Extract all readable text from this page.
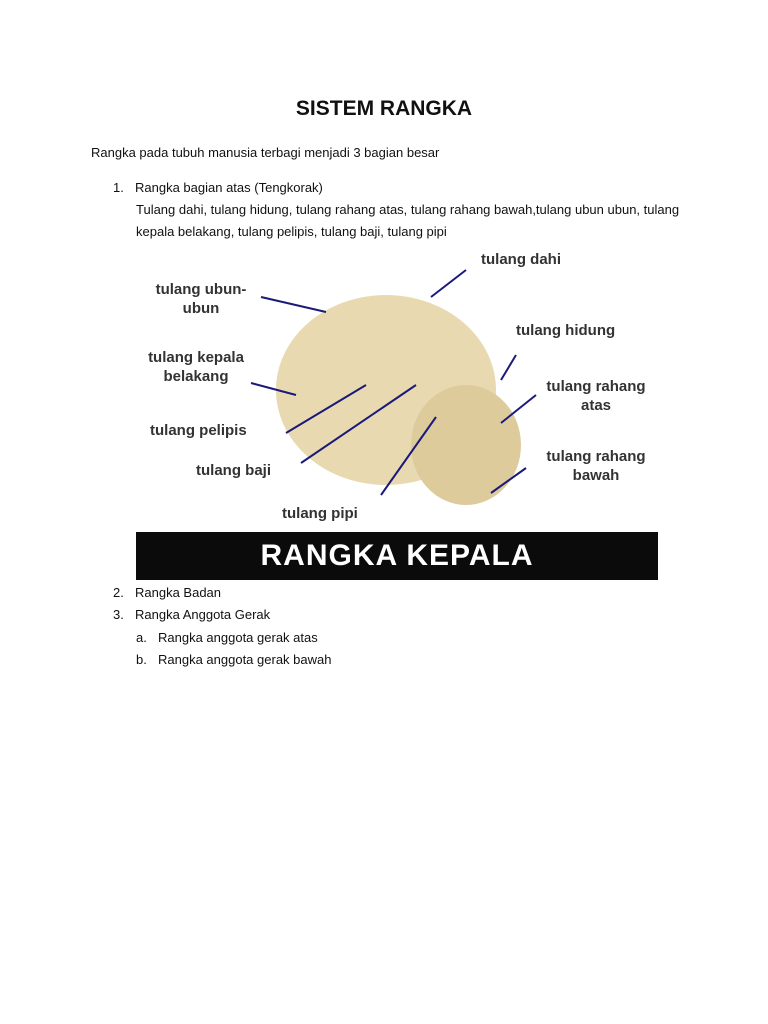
SISTEM RANGKA
Rangka pada tubuh manusia terbagi menjadi 3 bagian besar
1. Rangka bagian atas (Tengkorak)
Tulang dahi, tulang hidung, tulang rahang atas, tulang rahang bawah,tulang ubun ubun, tulang kepala belakang, tulang pelipis, tulang baji, tulang pipi
tulang dahi
tulang ubun-ubun
tulang hidung
tulang kepala belakang
tulang rahang atas
tulang pelipis
tulang rahang bawah
tulang baji
tulang pipi
RANGKA KEPALA
2. Rangka Badan
3. Rangka Anggota Gerak
a. Rangka anggota gerak atas
b. Rangka anggota gerak bawah
